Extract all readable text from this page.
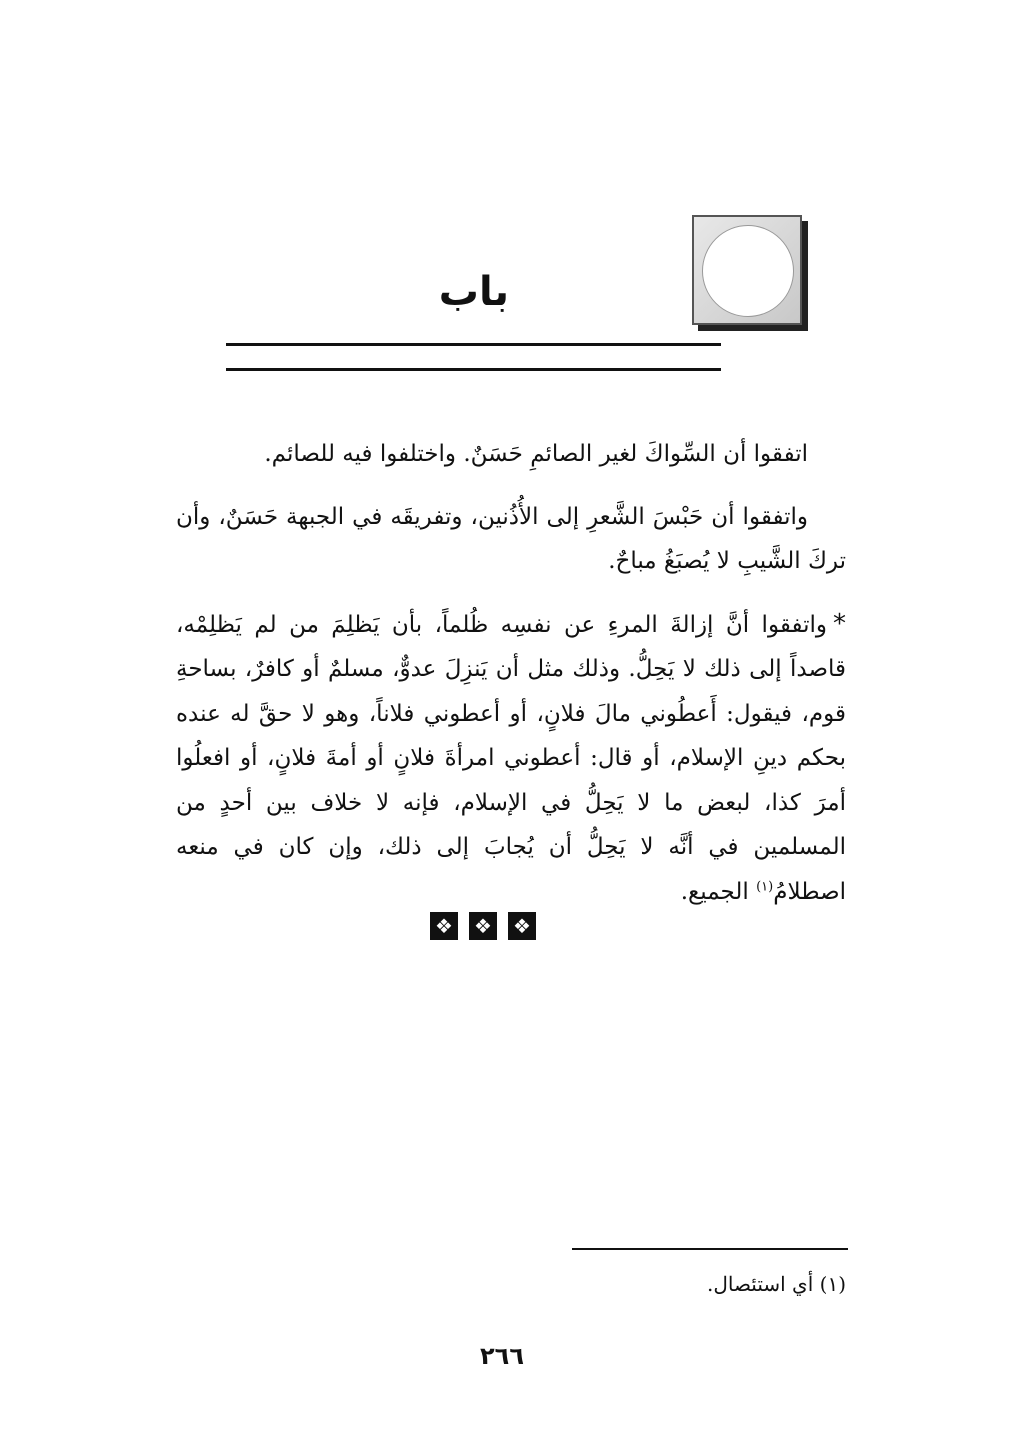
باب

اتفقوا أن السِّواكَ لغير الصائمِ حَسَنٌ. واختلفوا فيه للصائم.

واتفقوا أن حَبْسَ الشَّعرِ إلى الأُذُنين، وتفريقَه في الجبهة حَسَنٌ، وأن تركَ الشَّيبِ لا يُصبَغُ مباحٌ.

*واتفقوا أنَّ إزالةَ المرءِ عن نفسِه ظُلماً، بأن يَظلِمَ من لم يَظلِمْه، قاصداً إلى ذلك لا يَحِلُّ. وذلك مثل أن يَنزِلَ عدوٌّ، مسلمٌ أو كافرٌ، بساحةِ قوم، فيقول: أَعطُوني مالَ فلانٍ، أو أعطوني فلاناً، وهو لا حقَّ له عنده بحكم دينِ الإسلام، أو قال: أعطوني امرأةَ فلانٍ أو أمةَ فلانٍ، أو افعلُوا أمرَ كذا، لبعض ما لا يَحِلُّ في الإسلام، فإنه لا خلاف بين أحدٍ من المسلمين في أنَّه لا يَحِلُّ أن يُجابَ إلى ذلك، وإن كان في منعه اصطلامُ$^{(١)}$ الجميع.

❖ ❖ ❖

(١) أي استئصال.

٢٦٦
